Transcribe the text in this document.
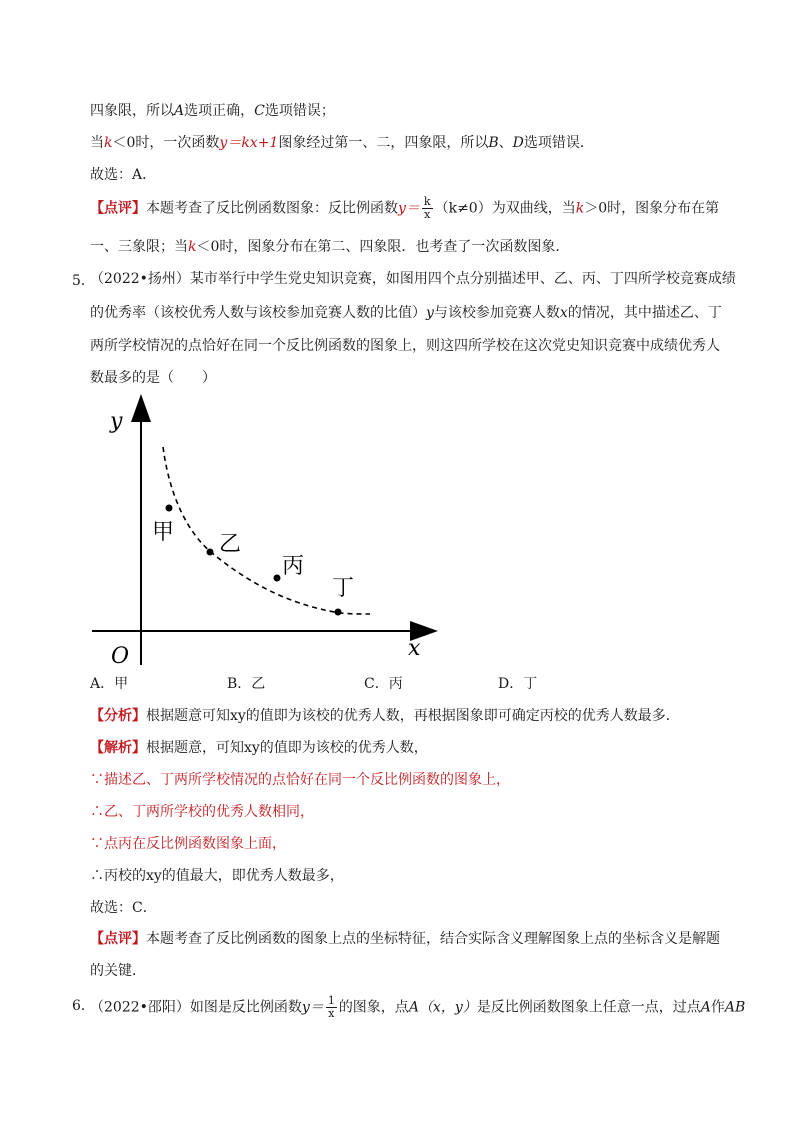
四象限，所以A选项正确，C选项错误；
当k＜0时，一次函数y＝kx+1图象经过第一、二，四象限，所以B、D选项错误．
故选：A．
【点评】本题考查了反比例函数图象：反比例函数$y= \frac{k}{x} (k\ne 0)$为双曲线，当k＞0时，图象分布在第
一、三象限；当k＜0时，图象分布在第二、四象限．也考查了一次函数图象．
5．
（2022•扬州）某市举行中学生党史知识竞赛，如图用四个点分别描述甲、乙、丙、丁四所学校竞赛成绩
的优秀率（该校优秀人数与该校参加竞赛人数的比值）y与该校参加竞赛人数x的情况，其中描述乙、丁
两所学校情况的点恰好在同一个反比例函数的图象上，则这四所学校在这次党史知识竞赛中成绩优秀人
数最多的是（　　）
y
x
O
甲 乙
丙
丁
A．甲	B．乙	C．丙	D．丁
【分析】根据题意可知xy的值即为该校的优秀人数，再根据图象即可确定丙校的优秀人数最多．
【解析】根据题意，可知xy的值即为该校的优秀人数，
∵描述乙、丁两所学校情况的点恰好在同一个反比例函数的图象上，
∴乙、丁两所学校的优秀人数相同，
∵点丙在反比例函数图象上面，
∴丙校的xy的值最大，即优秀人数最多，
故选：C．
【点评】本题考查了反比例函数的图象上点的坐标特征，结合实际含义理解图象上点的坐标含义是解题
的关键．
6．
（2022•邵阳）如图是反比例函数$y= \frac{1}{x}$ 的图象，点A（x，y）是反比例函数图象上任意一点，过点A作AB
